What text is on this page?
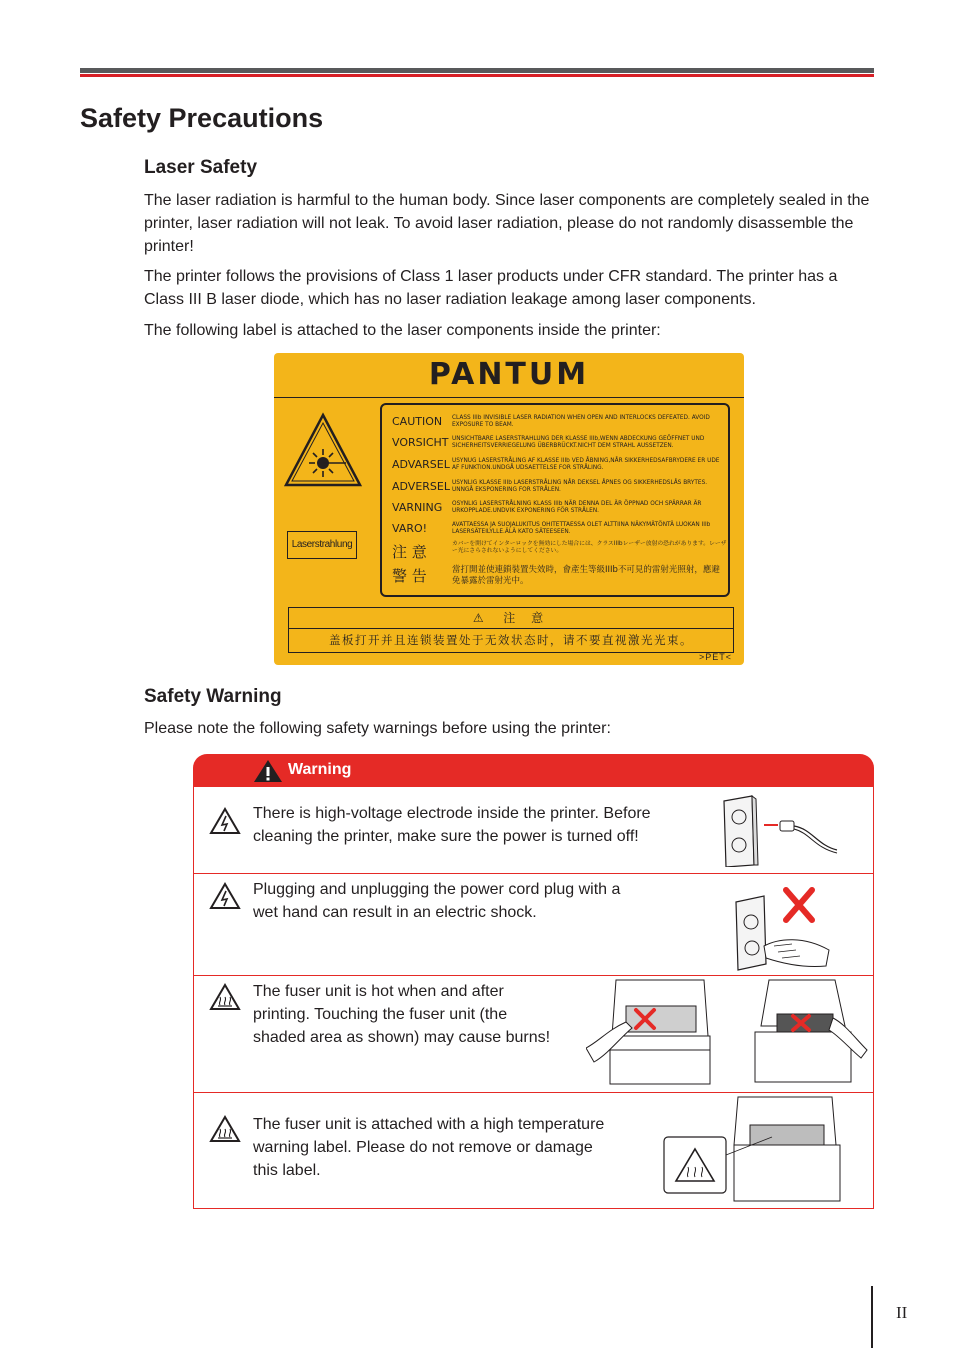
Safety Precautions
Laser Safety

The laser radiation is harmful to the human body. Since laser components are completely sealed in the printer, laser radiation will not leak. To avoid laser radiation, please do not randomly disassemble the printer!

The printer follows the provisions of Class 1 laser products under CFR standard. The printer has a Class III B laser diode, which has no laser radiation leakage among laser components.

The following label is attached to the laser components inside the printer:

PANTUM
Laserstrahlung
CAUTION CLASS IIIb INVISIBLE LASER RADIATION WHEN OPEN AND INTERLOCKS DEFEATED. AVOID EXPOSURE TO BEAM.
VORSICHT UNSICHTBARE LASERSTRAHLUNG DER KLASSE IIIb,WENN ABDECKUNG GEÖFFNET UND SICHERHEITSVERRIEGELUNG ÜBERBRÜCKT.NICHT DEM STRAHL AUSSETZEN.
ADVARSEL USYNUG LASERSTRÅLING AF KLASSE IIIb VED ÅBNING,NÅR SIKKERHEDSAFBRYDERE ER UDE AF FUNKTION.UNDGÅ UDSAETTELSE FOR STRÅLING.
ADVERSEL USYNLIG KLASSE IIIb LASERSTRÅLING NÅR DEKSEL ÅPNES OG SIKKERHEDSLÅS BRYTES. UNNGÅ EKSPONERING FOR STRÅLEN.
VARNING OSYNLIG LASERSTRÅLNING KLASS IIIb NÄR DENNA DEL ÄR ÖPPNAD OCH SPÄRRAR ÄR URKOPPLADE.UNDVIK EXPONERING FÖR STRÅLEN.
VARO!	AVATTAESSA JA SUOJALUKITUS OHITETTAESSA OLET ALTTIINA NÄKYMÄTÖNTÄ LUOKAN IIIb LASERSÄTEILYLLE.ÄLÄ KATO SÄTEESEEN.
注 意	カバーを開けてインターロックを無効にした場合には、クラスIIIbレーザー放射の恐れがあります。レーザー光にさらされないようにしてください。
警 告	當打開並使連鎖裝置失效時，會產生等級IIIb不可見的雷射光照射，應避免暴露於雷射光中。
⚠ 注 意
盖板打开并且连锁装置处于无效状态时，请不要直视激光光束。
>PET<
Safety Warning

Please note the following safety warnings before using the printer:

Warning
There is high-voltage electrode inside the printer. Before
cleaning the printer, make sure the power is turned off!
Plugging and unplugging the power cord plug with a
wet hand can result in an electric shock.
The fuser unit is hot when and after
printing. Touching the fuser unit (the
shaded area as shown) may cause burns!
The fuser unit is attached with a high temperature
warning label. Please do not remove or damage
this label.
II
